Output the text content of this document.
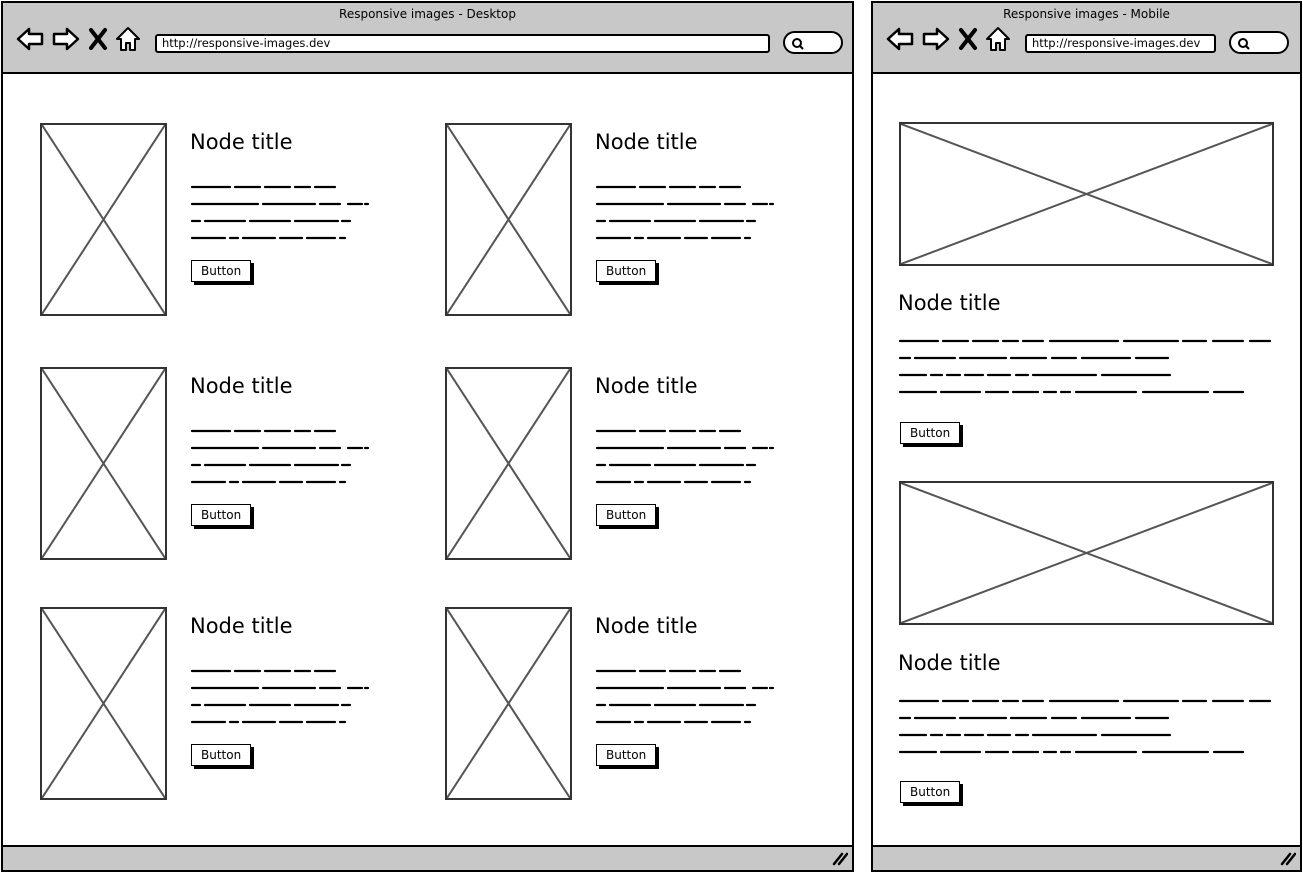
Responsive images - Desktop
http://responsive-images.dev
Node title
Button
Node title
Button
Node title
Button
Node title
Button
Node title
Button
Node title
Button
Responsive images - Mobile
http://responsive-images.dev
Node title
Button
Node title
Button
